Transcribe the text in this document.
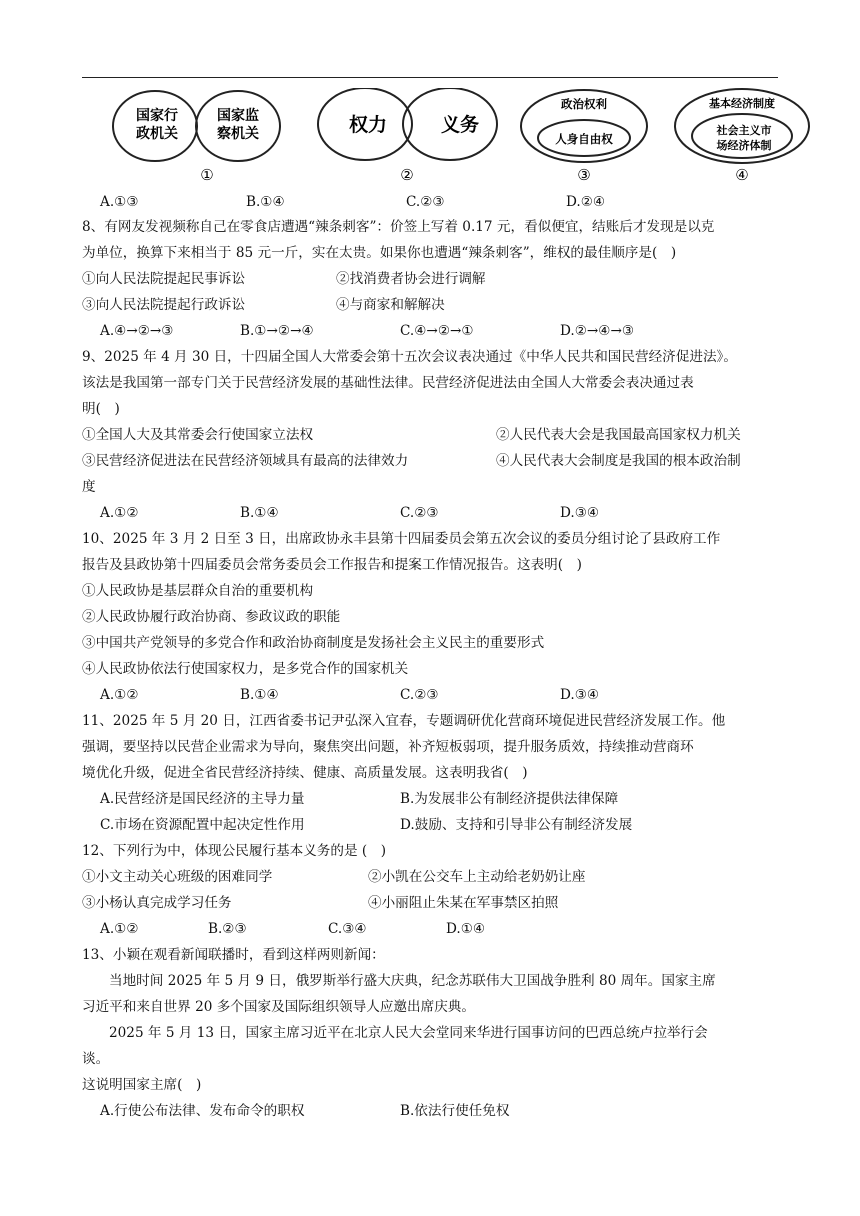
国家行
政机关
国家监
察机关
①
权力	义务
②
政治权利
人身自由权
③
基本经济制度
社会主义市
场经济体制
④
A.①③	B.①④	C.②③	D.②④
8、有网友发视频称自己在零食店遭遇“辣条刺客”：价签上写着 0.17 元，看似便宜，结账后才发现是以克
为单位，换算下来相当于 85 元一斤，实在太贵。如果你也遭遇“辣条刺客”，维权的最佳顺序是(　)
①向人民法院提起民事诉讼	②找消费者协会进行调解
③向人民法院提起行政诉讼	④与商家和解解决
A.④→②→③	B.①→②→④	C.④→②→①	D.②→④→③
9、2025 年 4 月 30 日，十四届全国人大常委会第十五次会议表决通过《中华人民共和国民营经济促进法》。
该法是我国第一部专门关于民营经济发展的基础性法律。民营经济促进法由全国人大常委会表决通过表
明(　)
①全国人大及其常委会行使国家立法权	②人民代表大会是我国最高国家权力机关
③民营经济促进法在民营经济领域具有最高的法律效力	④人民代表大会制度是我国的根本政治制
度
A.①②	B.①④	C.②③	D.③④
10、2025 年 3 月 2 日至 3 日，出席政协永丰县第十四届委员会第五次会议的委员分组讨论了县政府工作
报告及县政协第十四届委员会常务委员会工作报告和提案工作情况报告。这表明(　)
①人民政协是基层群众自治的重要机构
②人民政协履行政治协商、参政议政的职能
③中国共产党领导的多党合作和政治协商制度是发扬社会主义民主的重要形式
④人民政协依法行使国家权力，是多党合作的国家机关
A.①②	B.①④	C.②③	D.③④
11、2025 年 5 月 20 日，江西省委书记尹弘深入宜春，专题调研优化营商环境促进民营经济发展工作。他
强调，要坚持以民营企业需求为导向，聚焦突出问题，补齐短板弱项，提升服务质效，持续推动营商环
境优化升级，促进全省民营经济持续、健康、高质量发展。这表明我省(　)
A.民营经济是国民经济的主导力量	B.为发展非公有制经济提供法律保障
C.市场在资源配置中起决定性作用	D.鼓励、支持和引导非公有制经济发展
12、下列行为中，体现公民履行基本义务的是 (　)
①小文主动关心班级的困难同学	②小凯在公交车上主动给老奶奶让座
③小杨认真完成学习任务	④小丽阻止朱某在军事禁区拍照
A.①②	B.②③	C.③④	D.①④
13、小颖在观看新闻联播时，看到这样两则新闻：
当地时间 2025 年 5 月 9 日，俄罗斯举行盛大庆典，纪念苏联伟大卫国战争胜利 80 周年。国家主席
习近平和来自世界 20 多个国家及国际组织领导人应邀出席庆典。
2025 年 5 月 13 日，国家主席习近平在北京人民大会堂同来华进行国事访问的巴西总统卢拉举行会
谈。
这说明国家主席(　)
A.行使公布法律、发布命令的职权	B.依法行使任免权
